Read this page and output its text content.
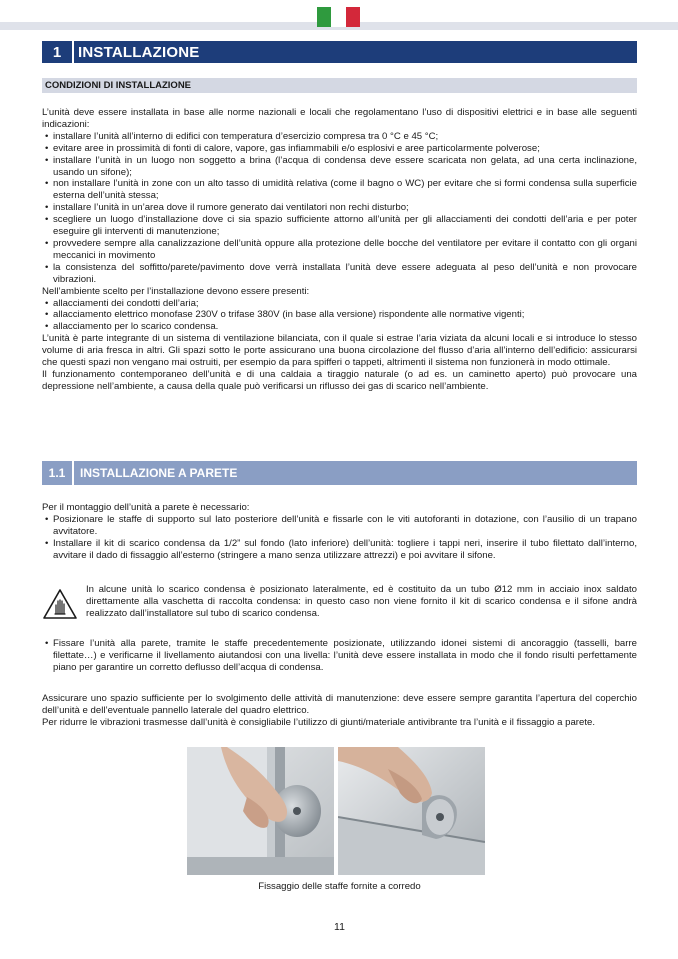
1	INSTALLAZIONE
CONDIZIONI DI INSTALLAZIONE

L’unità deve essere installata in base alle norme nazionali e locali che regolamentano l’uso di dispositivi elettrici e in base alle seguenti indicazioni:

• installare l’unità all’interno di edifici con temperatura d’esercizio compresa tra 0 °C e 45 °C;
• evitare aree in prossimità di fonti di calore, vapore, gas infiammabili e/o esplosivi e aree particolarmente polverose;
• installare l’unità in un luogo non soggetto a brina (l’acqua di condensa deve essere scaricata non gelata, ad una certa inclinazione, usando un sifone);
• non installare l’unità in zone con un alto tasso di umidità relativa (come il bagno o WC) per evitare che si formi condensa sulla superficie esterna dell’unità stessa;
• installare l’unità in un’area dove il rumore generato dai ventilatori non rechi disturbo;
• scegliere un luogo d’installazione dove ci sia spazio sufficiente attorno all’unità per gli allacciamenti dei condotti dell’aria e per poter eseguire gli interventi di manutenzione;
• provvedere sempre alla canalizzazione dell’unità oppure alla protezione delle bocche del ventilatore per evitare il contatto con gli organi meccanici in movimento
• la consistenza del soffitto/parete/pavimento dove verrà installata l’unità deve essere adeguata al peso dell’unità e non provocare vibrazioni.

Nell’ambiente scelto per l’installazione devono essere presenti:

• allacciamenti dei condotti dell’aria;
• allacciamento elettrico monofase 230V o trifase 380V (in base alla versione) rispondente alle normative vigenti;
• allacciamento per lo scarico condensa.

L’unità è parte integrante di un sistema di ventilazione bilanciata, con il quale si estrae l’aria viziata da alcuni locali e si introduce lo stesso volume di aria fresca in altri. Gli spazi sotto le porte assicurano una buona circolazione del flusso d’aria all’interno dell’edificio: assicurarsi che questi spazi non vengano mai ostruiti, per esempio da para spifferi o tappeti, altrimenti il sistema non funzionerà in modo ottimale.

Il funzionamento contemporaneo dell’unità e di una caldaia a tiraggio naturale (o ad es. un caminetto aperto) può provocare una depressione nell’ambiente, a causa della quale può verificarsi un riflusso dei gas di scarico nell’ambiente.

1.1	INSTALLAZIONE A PARETE

Per il montaggio dell’unità a parete è necessario:

• Posizionare le staffe di supporto sul lato posteriore dell’unità e fissarle con le viti autoforanti in dotazione, con l’ausilio di un trapano avvitatore.
• Installare il kit di scarico condensa da 1/2” sul fondo (lato inferiore) dell’unità: togliere i tappi neri, inserire il tubo filettato dall’interno, avvitare il dado di fissaggio all’esterno (stringere a mano senza utilizzare attrezzi) e poi avvitare il sifone.

In alcune unità lo scarico condensa è posizionato lateralmente, ed è costituito da un tubo Ø12 mm in acciaio inox saldato direttamente alla vaschetta di raccolta condensa: in questo caso non viene fornito il kit di scarico condensa e il sifone andrà realizzato dall’installatore sul tubo di scarico condensa.

• Fissare l’unità alla parete, tramite le staffe precedentemente posizionate, utilizzando idonei sistemi di ancoraggio (tasselli, barre filettate…) e verificarne il livellamento aiutandosi con una livella: l’unità deve essere installata in modo che il fondo risulti perfettamente piano per garantire un corretto deflusso dell’acqua di condensa.

Assicurare uno spazio sufficiente per lo svolgimento delle attività di manutenzione: deve essere sempre garantita l’apertura del coperchio dell’unità e dell’eventuale pannello laterale del quadro elettrico.

Per ridurre le vibrazioni trasmesse dall’unità è consigliabile l’utilizzo di giunti/materiale antivibrante tra l’unità e il fissaggio a parete.

Fissaggio delle staffe fornite a corredo
11
